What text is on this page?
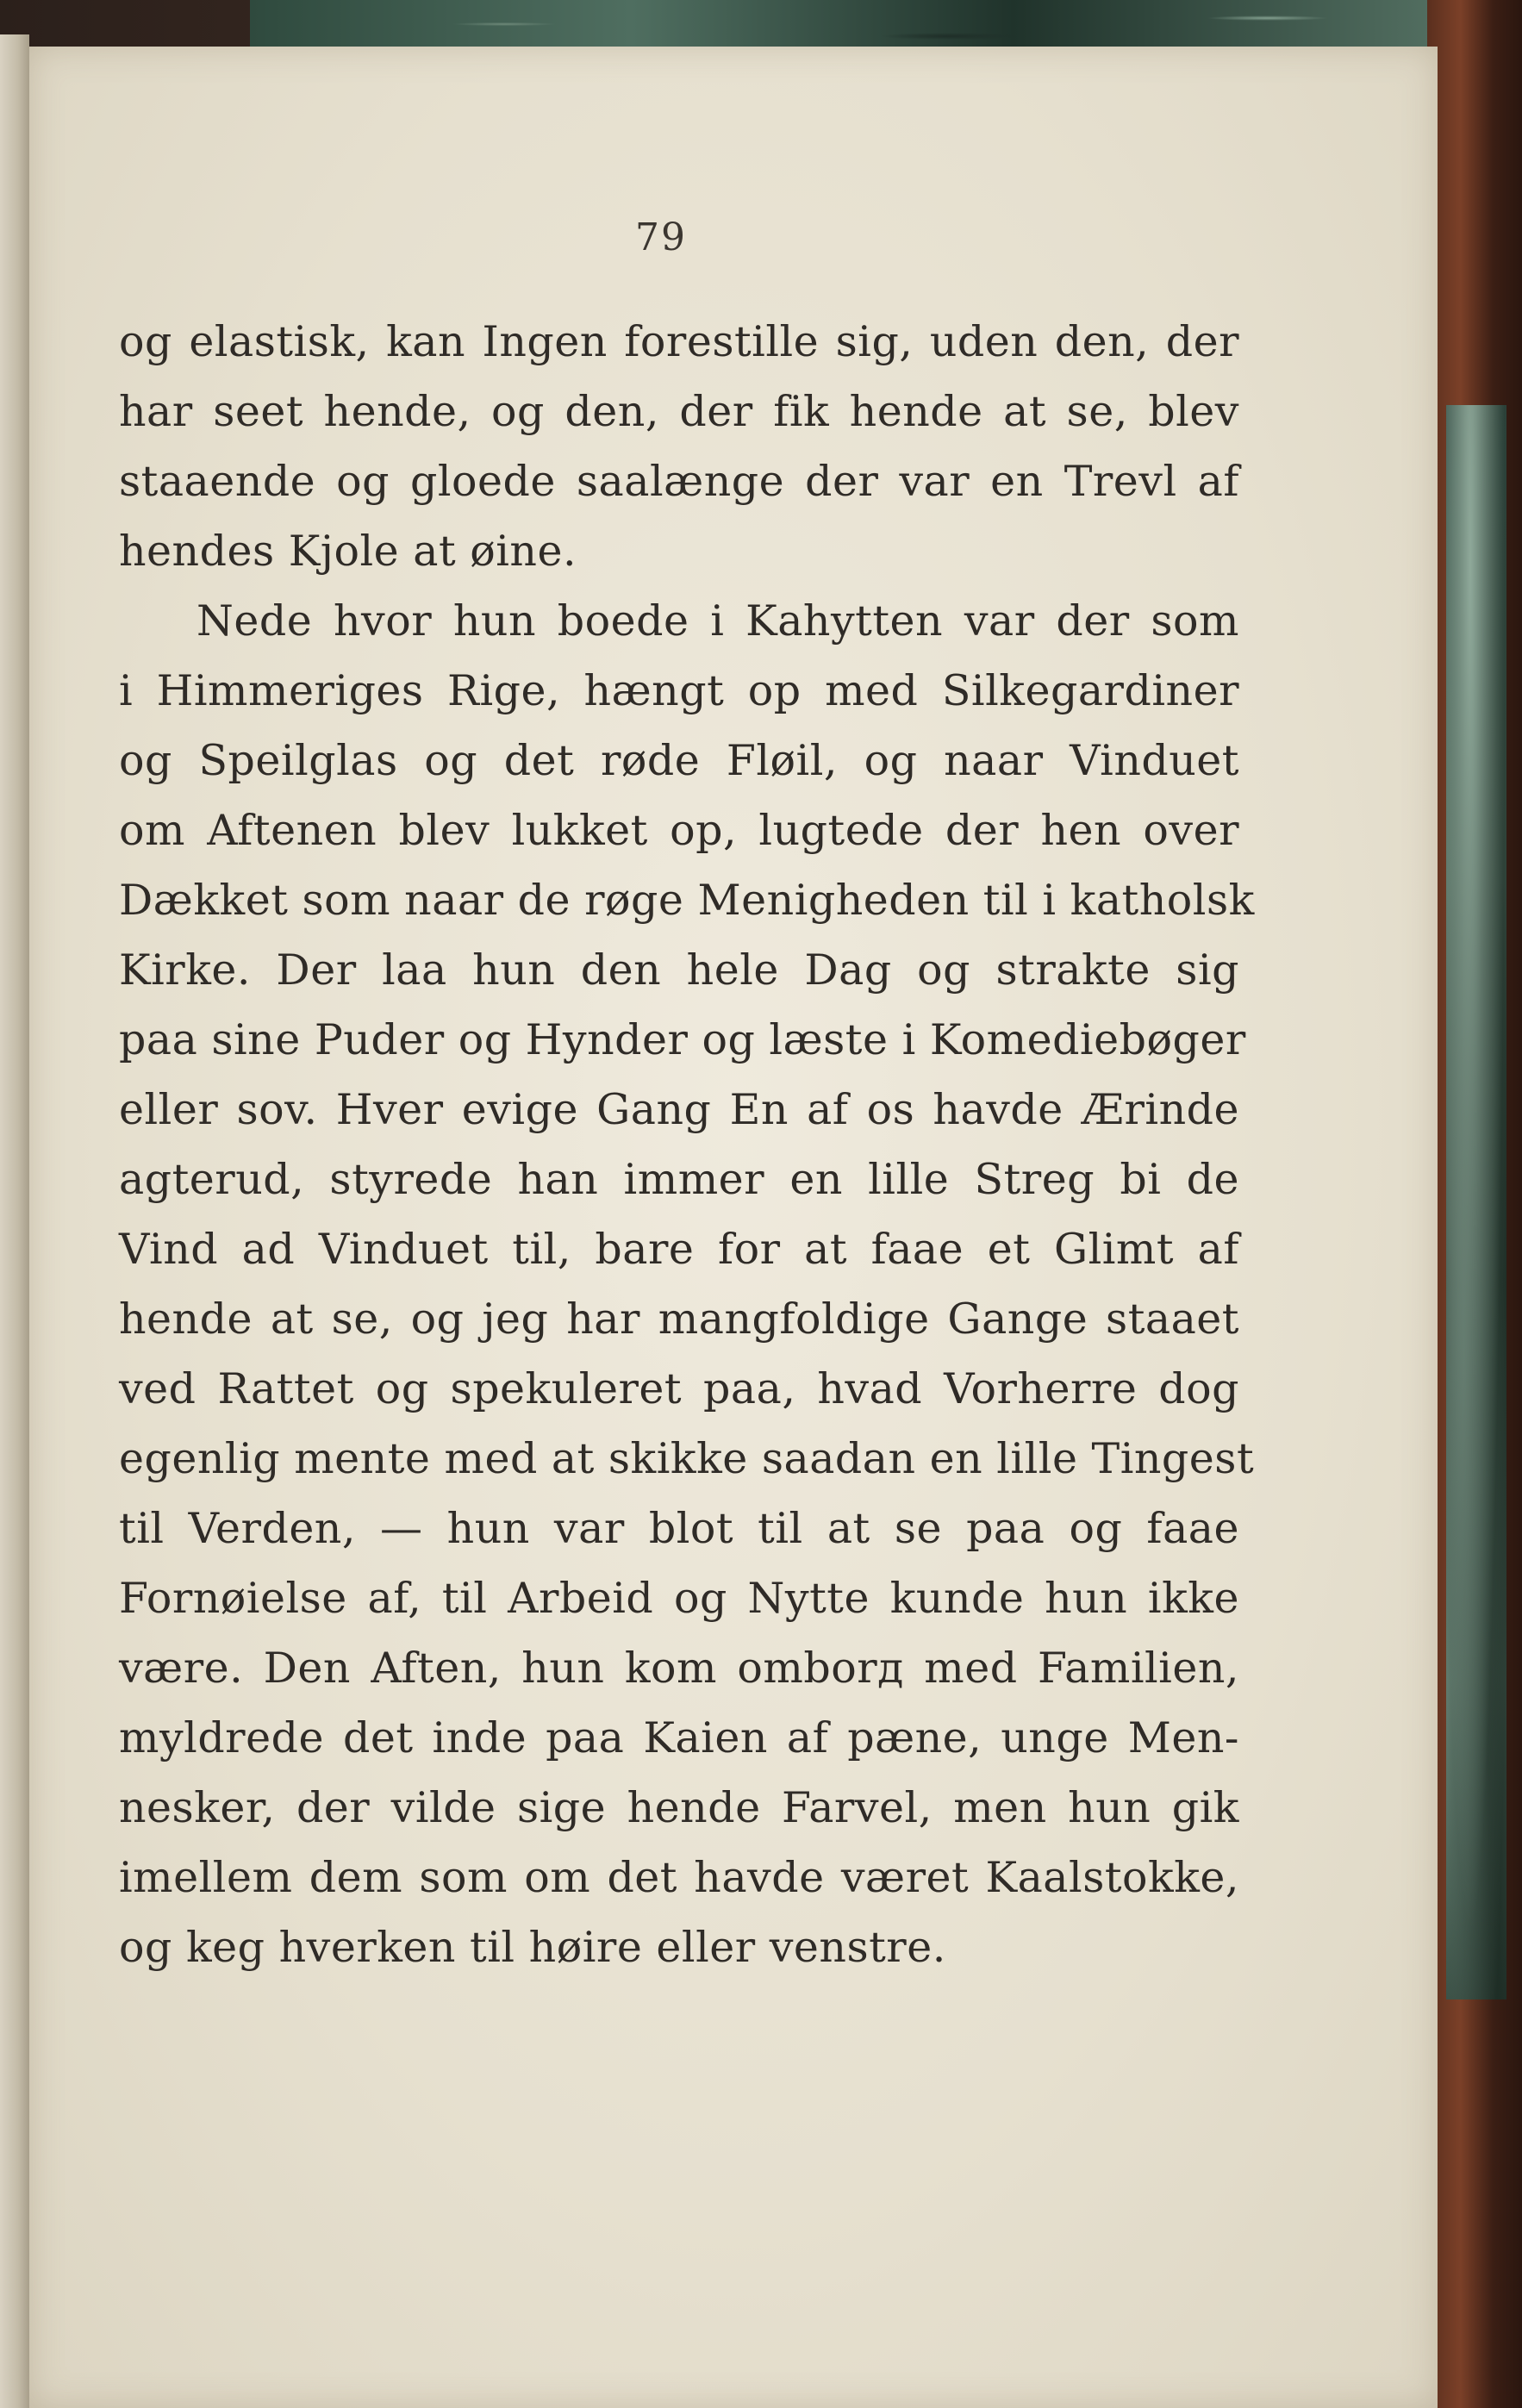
79
og elastisk, kan Ingen forestille sig, uden den, der
har seet hende, og den, der fik hende at se, blev
staaende og gloede saalænge der var en Trevl af
hendes Kjole at øine.
Nede hvor hun boede i Kahytten var der som
i Himmeriges Rige, hængt op med Silkegardiner
og Speilglas og det røde Fløil, og naar Vinduet
om Aftenen blev lukket op, lugtede der hen over
Dækket som naar de røge Menigheden til i katholsk
Kirke. Der laa hun den hele Dag og strakte sig
paa sine Puder og Hynder og læste i Komediebøger
eller sov. Hver evige Gang En af os havde Ærinde
agterud, styrede han immer en lille Streg bi de
Vind ad Vinduet til, bare for at faae et Glimt af
hende at se, og jeg har mangfoldige Gange staaet
ved Rattet og spekuleret paa, hvad Vorherre dog
egenlig mente med at skikke saadan en lille Tingest
til Verden, — hun var blot til at se paa og faae
Fornøielse af, til Arbeid og Nytte kunde hun ikke
være. Den Aften, hun kom omborд med Familien,
myldrede det inde paa Kaien af pæne, unge Men-
nesker, der vilde sige hende Farvel, men hun gik
imellem dem som om det havde været Kaalstokke,
og keg hverken til høire eller venstre.
